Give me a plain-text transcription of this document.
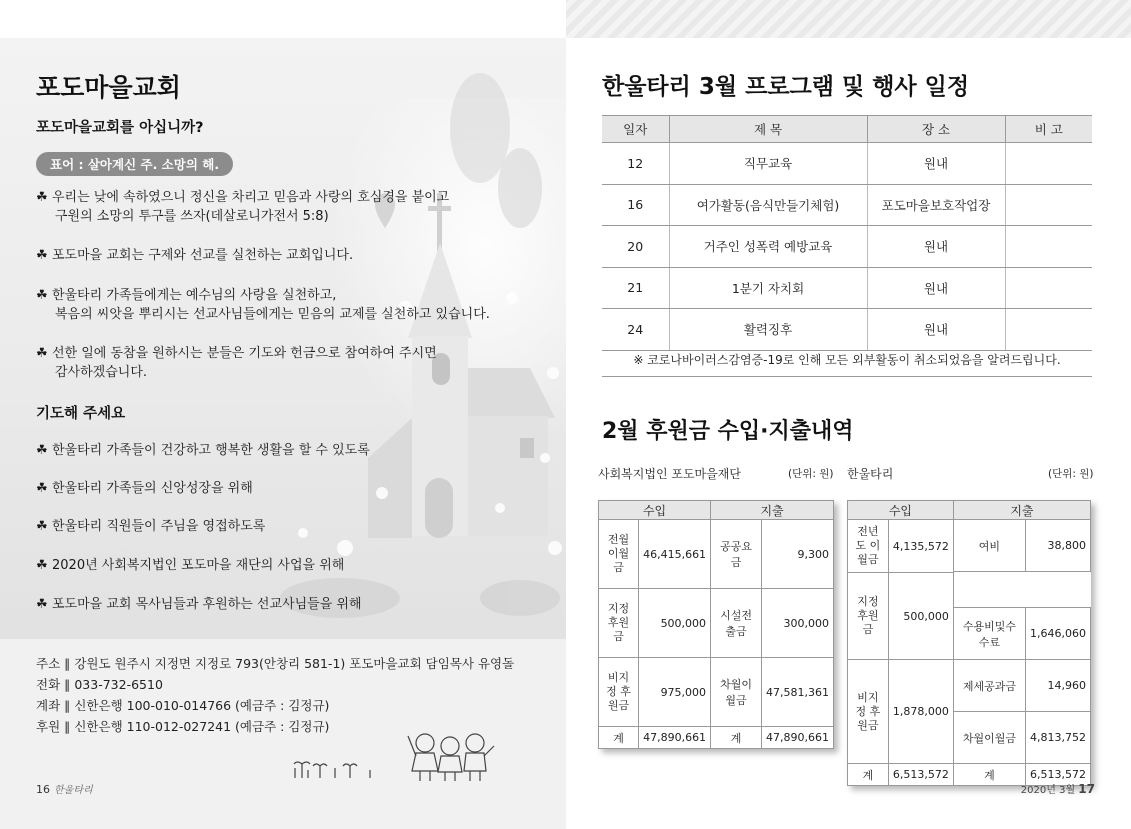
포도마을교회
포도마을교회를 아십니까?
표어 : 살아계신 주. 소망의 해.
☘ 우리는 낮에 속하였으니 정신을 차리고 믿음과 사랑의 호심경을 붙이고
구원의 소망의 투구를 쓰자(데살로니가전서 5:8)
☘ 포도마을 교회는 구제와 선교를 실천하는 교회입니다.
☘ 한울타리 가족들에게는 예수님의 사랑을 실천하고,
복음의 씨앗을 뿌리시는 선교사님들에게는 믿음의 교제를 실천하고 있습니다.
☘ 선한 일에 동참을 원하시는 분들은 기도와 헌금으로 참여하여 주시면
감사하겠습니다.
기도해 주세요
☘ 한울타리 가족들이 건강하고 행복한 생활을 할 수 있도록
☘ 한울타리 가족들의 신앙성장을 위해
☘ 한울타리 직원들이 주님을 영접하도록
☘ 2020년 사회복지법인 포도마을 재단의 사업을 위해
☘ 포도마을 교회 목사님들과 후원하는 선교사님들을 위해
주소 ∥ 강원도 원주시 지정면 지정로 793(안창리 581-1) 포도마을교회 담임목사 유영돌
전화 ∥ 033-732-6510
계좌 ∥ 신한은행 100-010-014766 (예금주 : 김정규)
후원 ∥ 신한은행 110-012-027241 (예금주 : 김정규)
16 한울타리
한울타리 3월 프로그램 및 행사 일정
일자	제 목	장 소	비 고
12	직무교육	원내	
16	여가활동(음식만들기체험)	포도마을보호작업장	
20	거주인 성폭력 예방교육	원내	
21	1분기 자치회	원내	
24	활력징후	원내	
※ 코로나바이러스감염증-19로 인해 모든 외부활동이 취소되었음을 알려드립니다.
2월 후원금 수입·지출내역
사회복지법인 포도마을재단	(단위: 원) 한울타리	(단위: 원)
수입		지출	
전월 이월금	46,415,661	공공요금	9,300
지정 후원금	500,000	시설전출금	300,000
비지정 후원금	975,000	차월이월금	47,581,361
계	47,890,661	계	47,890,661
수입		지출	
전년도 이월금	4,135,572	여비	38,800

지정 후원금	500,000		
		수용비및수수료	1,646,060
비지정 후원금	1,878,000	제세공과금	14,960
		차월이월금	4,813,752
계	6,513,572	계	6,513,572
2020년 3월 17
